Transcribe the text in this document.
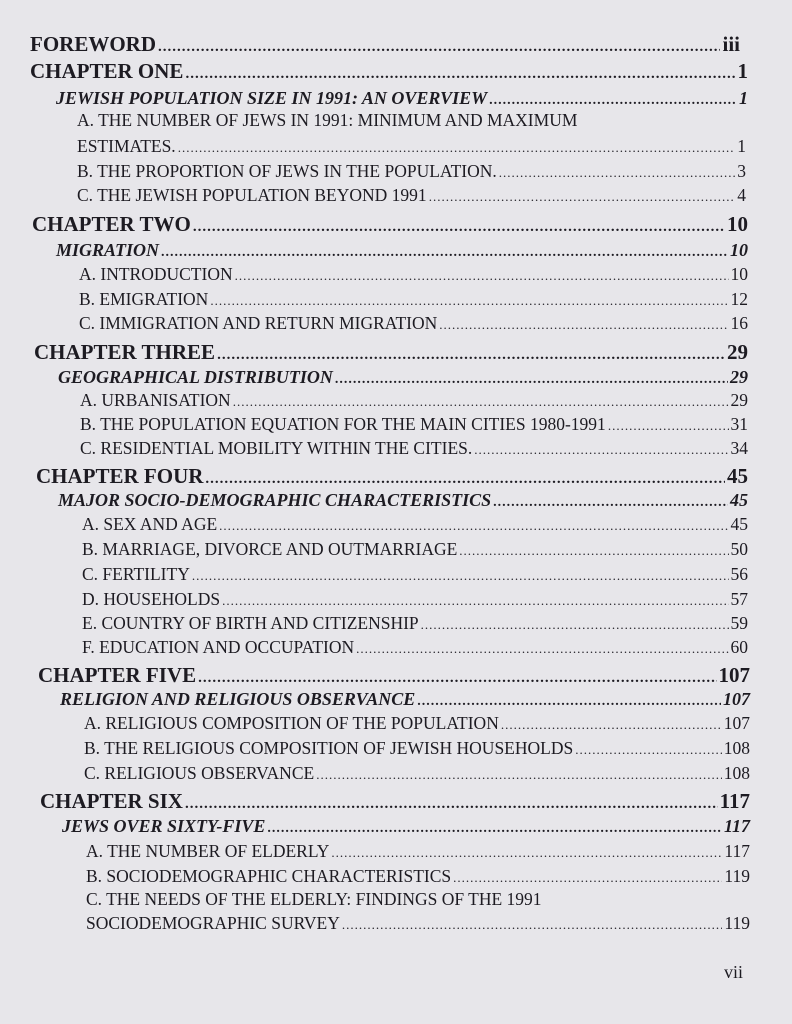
FOREWORD .....	iii
CHAPTER ONE .....	1
JEWISH POPULATION SIZE IN 1991: AN OVERVIEW .....	1
A. THE NUMBER OF JEWS IN 1991: MINIMUM AND MAXIMUM
ESTIMATES. .....	1
B. THE PROPORTION OF JEWS IN THE POPULATION. .....	3
C. THE JEWISH POPULATION BEYOND 1991 .....	4
CHAPTER TWO .....	10
MIGRATION .....	10
A. INTRODUCTION .....	10
B. EMIGRATION .....	12
C. IMMIGRATION AND RETURN MIGRATION .....	16
CHAPTER THREE .....	29
GEOGRAPHICAL DISTRIBUTION .....	29
A. URBANISATION .....	29
B. THE POPULATION EQUATION FOR THE MAIN CITIES 1980-1991 .....	31
C. RESIDENTIAL MOBILITY WITHIN THE CITIES. .....	34
CHAPTER FOUR .....	45
MAJOR SOCIO-DEMOGRAPHIC CHARACTERISTICS .....	45
A. SEX AND AGE .....	45
B. MARRIAGE, DIVORCE AND OUTMARRIAGE .....	50
C. FERTILITY .....	56
D. HOUSEHOLDS .....	57
E. COUNTRY OF BIRTH AND CITIZENSHIP .....	59
F. EDUCATION AND OCCUPATION .....	60
CHAPTER FIVE .....	107
RELIGION AND RELIGIOUS OBSERVANCE .....	107
A. RELIGIOUS COMPOSITION OF THE POPULATION .....	107
B. THE RELIGIOUS COMPOSITION OF JEWISH HOUSEHOLDS .....	108
C. RELIGIOUS OBSERVANCE .....	108
CHAPTER SIX .....	117
JEWS OVER SIXTY-FIVE .....	117
A. THE NUMBER OF ELDERLY .....	117
B. SOCIODEMOGRAPHIC CHARACTERISTICS .....	119
C. THE NEEDS OF THE ELDERLY: FINDINGS OF THE 1991
SOCIODEMOGRAPHIC SURVEY .....	119
vii
